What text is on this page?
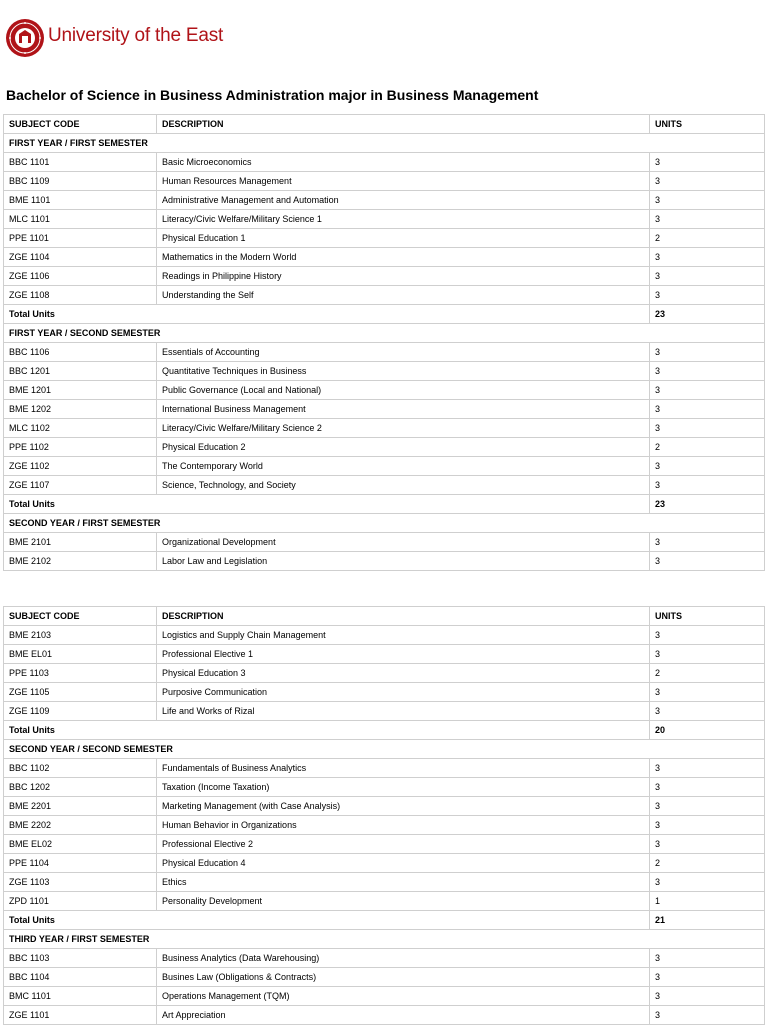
University of the East
Bachelor of Science in Business Administration major in Business Management
SUBJECT CODE	DESCRIPTION	UNITS
FIRST YEAR / FIRST SEMESTER		
BBC 1101	Basic Microeconomics	3
BBC 1109	Human Resources Management	3
BME 1101	Administrative Management and Automation	3
MLC 1101	Literacy/Civic Welfare/Military Science 1	3
PPE 1101	Physical Education 1	2
ZGE 1104	Mathematics in the Modern World	3
ZGE 1106	Readings in Philippine History	3
ZGE 1108	Understanding the Self	3
Total Units		23
FIRST YEAR / SECOND SEMESTER		
BBC 1106	Essentials of Accounting	3
BBC 1201	Quantitative Techniques in Business	3
BME 1201	Public Governance (Local and National)	3
BME 1202	International Business Management	3
MLC 1102	Literacy/Civic Welfare/Military Science 2	3
PPE 1102	Physical Education 2	2
ZGE 1102	The Contemporary World	3
ZGE 1107	Science, Technology, and Society	3
Total Units		23
SECOND YEAR / FIRST SEMESTER		
BME 2101	Organizational Development	3
BME 2102	Labor Law and Legislation	3
SUBJECT CODE	DESCRIPTION	UNITS
BME 2103	Logistics and Supply Chain Management	3
BME EL01	Professional Elective 1	3
PPE 1103	Physical Education 3	2
ZGE 1105	Purposive Communication	3
ZGE 1109	Life and Works of Rizal	3
Total Units		20
SECOND YEAR / SECOND SEMESTER		
BBC 1102	Fundamentals of Business Analytics	3
BBC 1202	Taxation (Income Taxation)	3
BME 2201	Marketing Management (with Case Analysis)	3
BME 2202	Human Behavior in Organizations	3
BME EL02	Professional Elective 2	3
PPE 1104	Physical Education 4	2
ZGE 1103	Ethics	3
ZPD 1101	Personality Development	1
Total Units		21
THIRD YEAR / FIRST SEMESTER		
BBC 1103	Business Analytics (Data Warehousing)	3
BBC 1104	Busines Law (Obligations & Contracts)	3
BMC 1101	Operations Management (TQM)	3
ZGE 1101	Art Appreciation	3
